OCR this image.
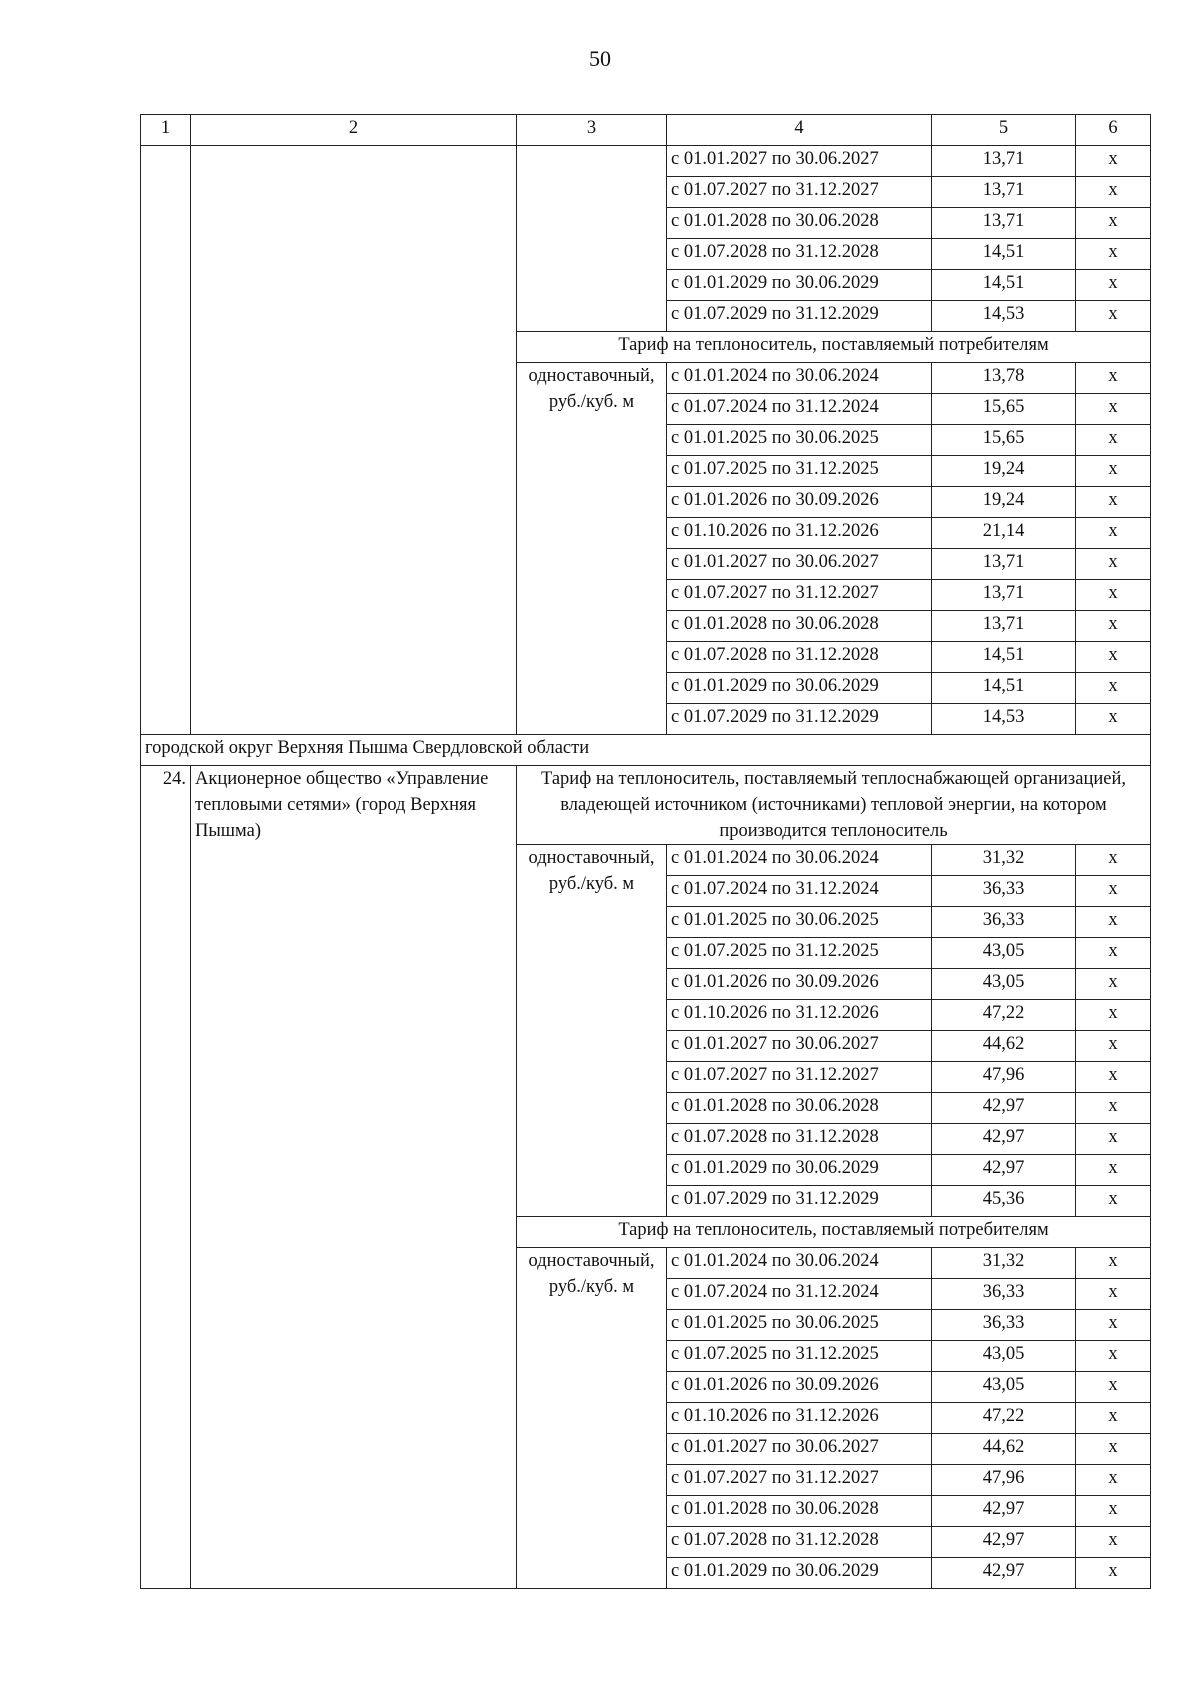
50
1	2	3	4	5	6
			с 01.01.2027 по 30.06.2027	13,71	х
			с 01.07.2027 по 31.12.2027	13,71	х
			с 01.01.2028 по 30.06.2028	13,71	х
			с 01.07.2028 по 31.12.2028	14,51	х
			с 01.01.2029 по 30.06.2029	14,51	х
			с 01.07.2029 по 31.12.2029	14,53	х
		Тариф на теплоноситель, поставляемый потребителям			
		одноставочный, руб./куб. м	с 01.01.2024 по 30.06.2024	13,78	х
			с 01.07.2024 по 31.12.2024	15,65	х
			с 01.01.2025 по 30.06.2025	15,65	х
			с 01.07.2025 по 31.12.2025	19,24	х
			с 01.01.2026 по 30.09.2026	19,24	х
			с 01.10.2026 по 31.12.2026	21,14	х
			с 01.01.2027 по 30.06.2027	13,71	х
			с 01.07.2027 по 31.12.2027	13,71	х
			с 01.01.2028 по 30.06.2028	13,71	х
			с 01.07.2028 по 31.12.2028	14,51	х
			с 01.01.2029 по 30.06.2029	14,51	х
			с 01.07.2029 по 31.12.2029	14,53	х
городской округ Верхняя Пышма Свердловской области					
24.	Акционерное общество «Управление тепловыми сетями» (город Верхняя Пышма)	Тариф на теплоноситель, поставляемый теплоснабжающей организацией, владеющей источником (источниками) тепловой энергии, на котором производится теплоноситель			
		одноставочный, руб./куб. м	с 01.01.2024 по 30.06.2024	31,32	х
			с 01.07.2024 по 31.12.2024	36,33	х
			с 01.01.2025 по 30.06.2025	36,33	х
			с 01.07.2025 по 31.12.2025	43,05	х
			с 01.01.2026 по 30.09.2026	43,05	х
			с 01.10.2026 по 31.12.2026	47,22	х
			с 01.01.2027 по 30.06.2027	44,62	х
			с 01.07.2027 по 31.12.2027	47,96	х
			с 01.01.2028 по 30.06.2028	42,97	х
			с 01.07.2028 по 31.12.2028	42,97	х
			с 01.01.2029 по 30.06.2029	42,97	х
			с 01.07.2029 по 31.12.2029	45,36	х
		Тариф на теплоноситель, поставляемый потребителям			
		одноставочный, руб./куб. м	с 01.01.2024 по 30.06.2024	31,32	х
			с 01.07.2024 по 31.12.2024	36,33	х
			с 01.01.2025 по 30.06.2025	36,33	х
			с 01.07.2025 по 31.12.2025	43,05	х
			с 01.01.2026 по 30.09.2026	43,05	х
			с 01.10.2026 по 31.12.2026	47,22	х
			с 01.01.2027 по 30.06.2027	44,62	х
			с 01.07.2027 по 31.12.2027	47,96	х
			с 01.01.2028 по 30.06.2028	42,97	х
			с 01.07.2028 по 31.12.2028	42,97	х
			с 01.01.2029 по 30.06.2029	42,97	х
